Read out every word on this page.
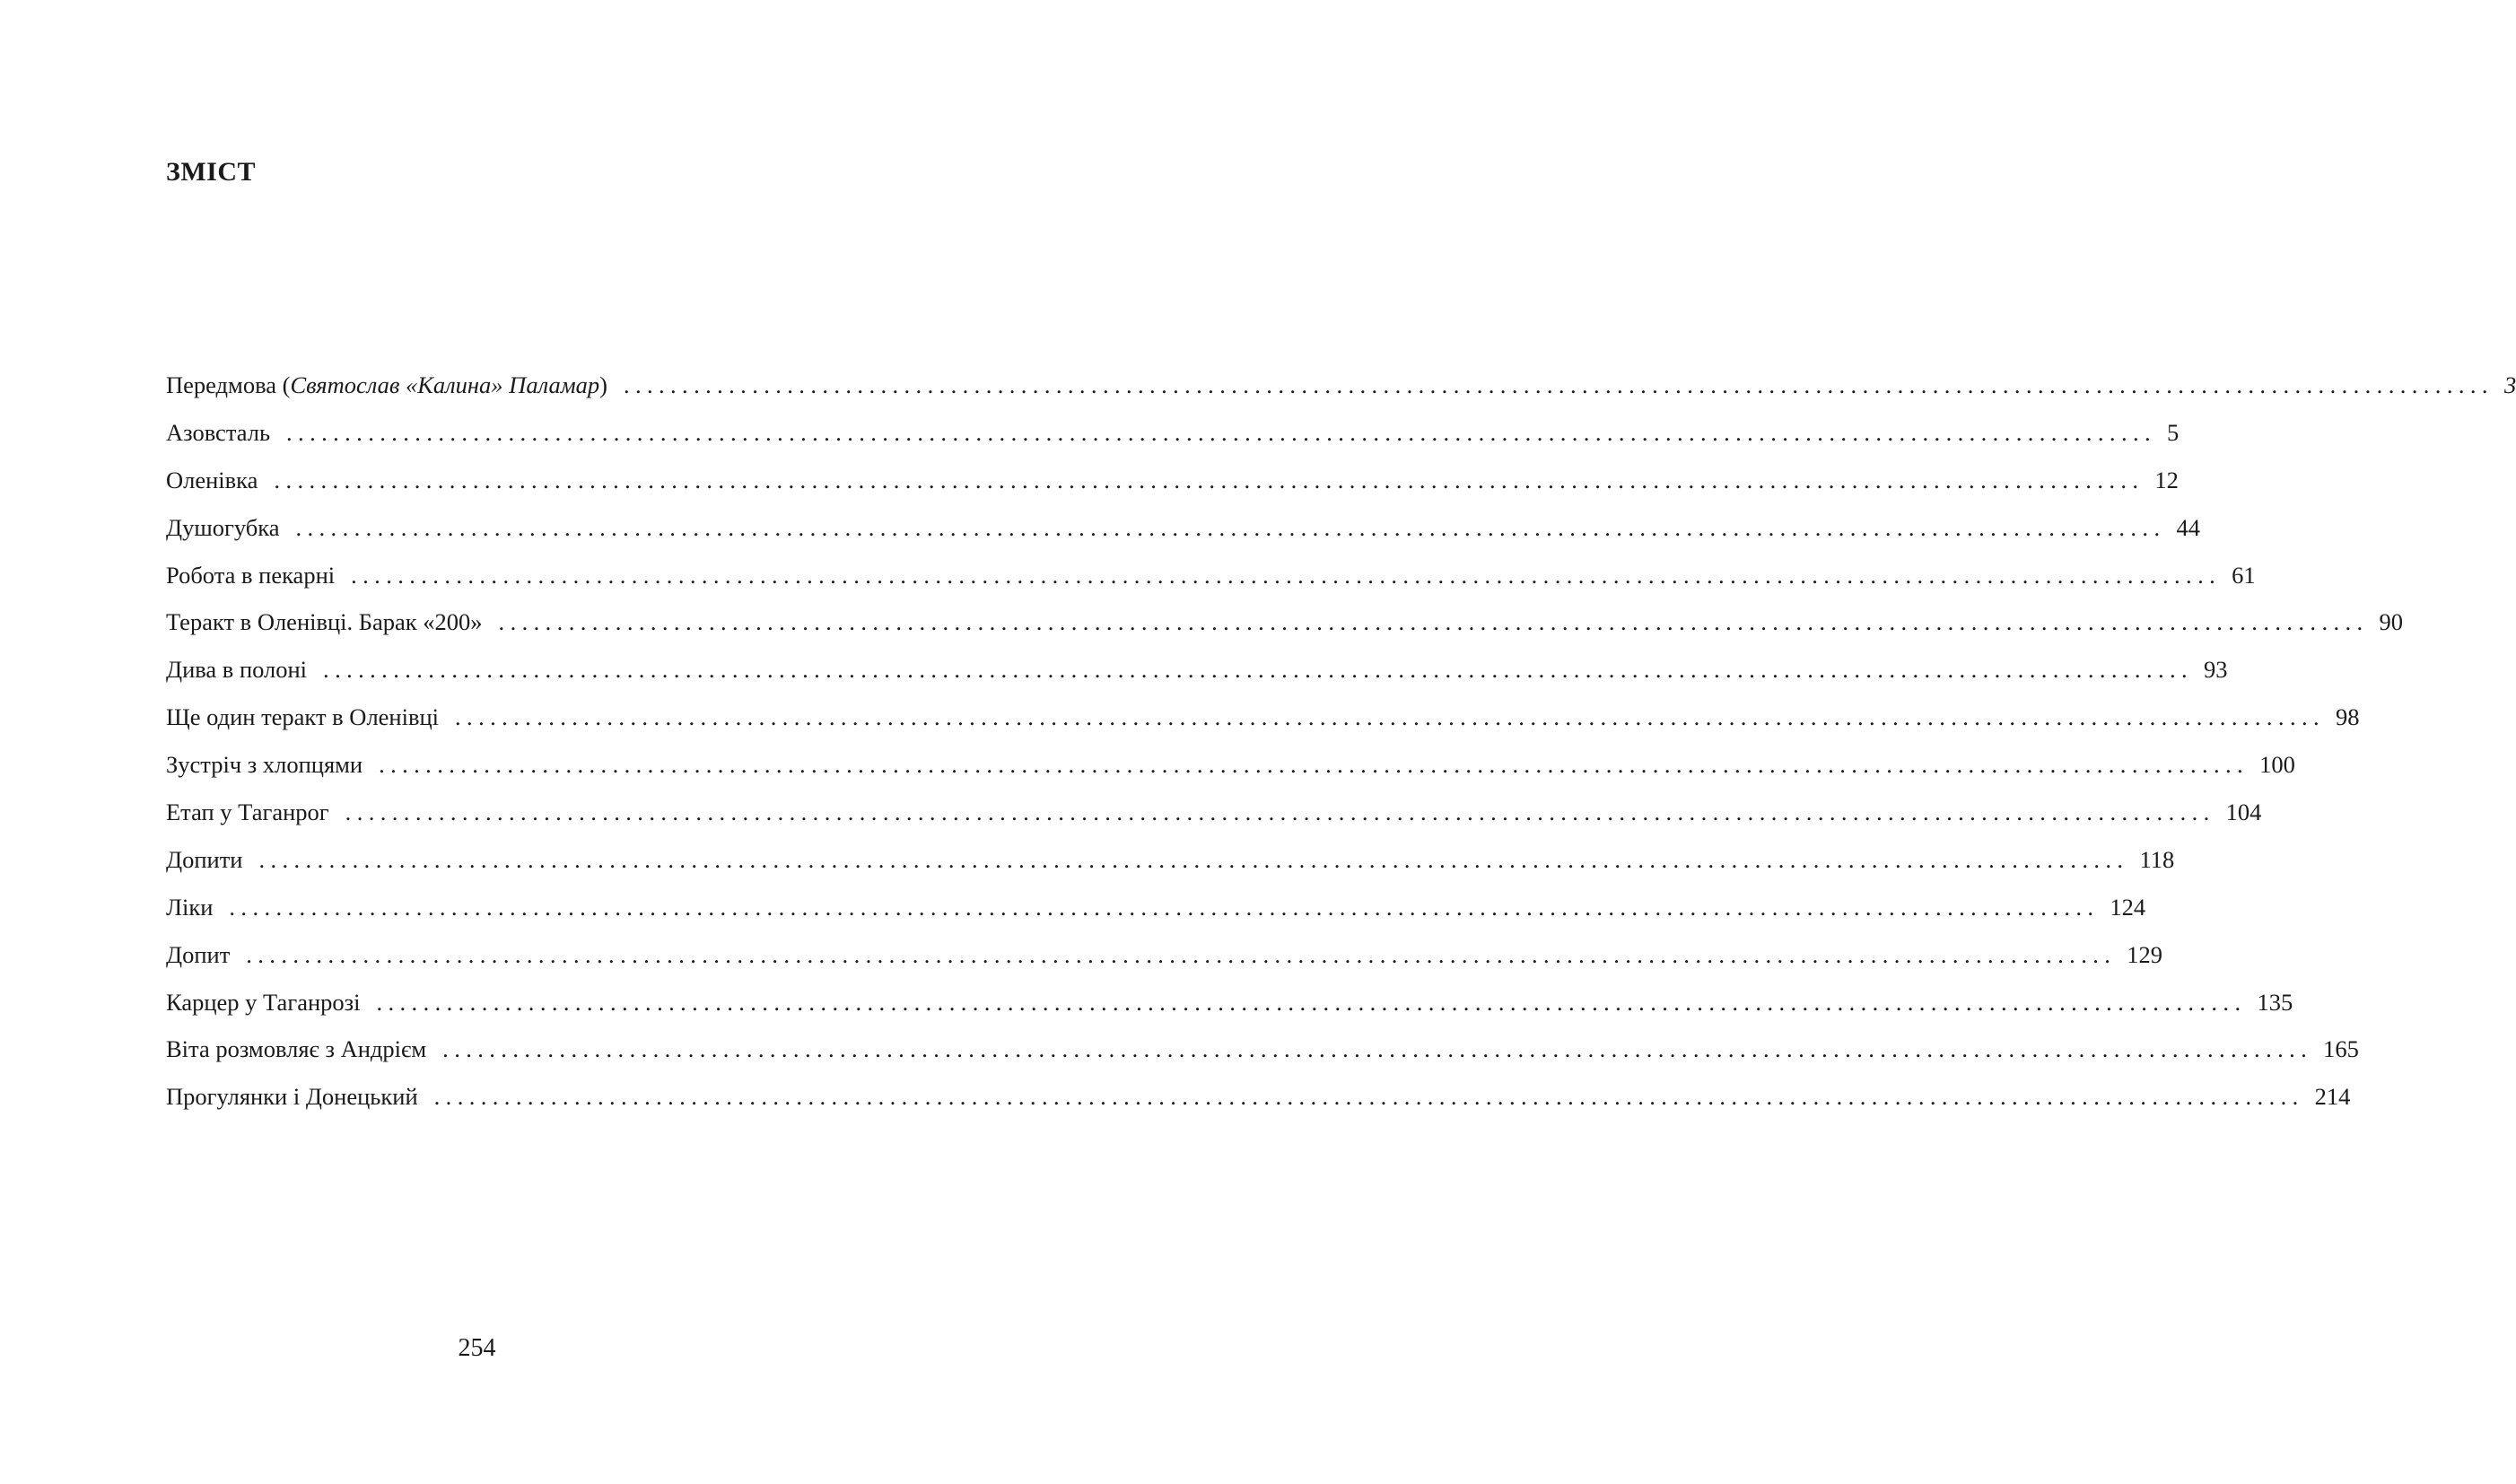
ЗМІСТ
Передмова (Святослав «Калина» Паламар) ................................................................................................................................................................ 3
Азовсталь ................................................................................................................................................................ 5
Оленівка ................................................................................................................................................................ 12
Душогубка ................................................................................................................................................................ 44
Робота в пекарні ................................................................................................................................................................ 61
Теракт в Оленівці. Барак «200» ................................................................................................................................................................ 90
Дива в полоні ................................................................................................................................................................ 93
Ще один теракт в Оленівці ................................................................................................................................................................ 98
Зустріч з хлопцями ................................................................................................................................................................ 100
Етап у Таганрог ................................................................................................................................................................ 104
Допити ................................................................................................................................................................ 118
Ліки ................................................................................................................................................................ 124
Допит ................................................................................................................................................................ 129
Карцер у Таганрозі ................................................................................................................................................................ 135
Віта розмовляє з Андрієм ................................................................................................................................................................ 165
Прогулянки і Донецький ................................................................................................................................................................ 214
254
